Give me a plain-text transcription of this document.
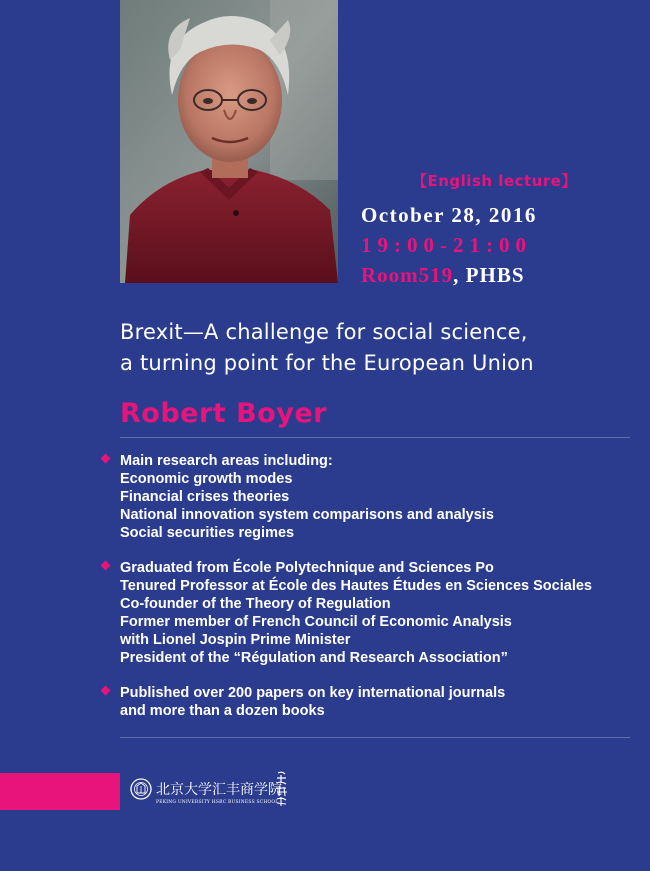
【English lecture】
October 28, 2016
19:00-21:00
Room519, PHBS
Brexit—A challenge for social science,
a turning point for the European Union
Robert Boyer
Main research areas including:
Economic growth modes
Financial crises theories
National innovation system comparisons and analysis
Social securities regimes
Graduated from École Polytechnique and Sciences Po
Tenured Professor at École des Hautes Études en Sciences Sociales
Co-founder of the Theory of Regulation
Former member of French Council of Economic Analysis
with Lionel Jospin Prime Minister
President of the “Régulation and Research Association”
Published over 200 papers on key international journals
and more than a dozen books
北京大学汇丰商学院
PEKING UNIVERSITY HSBC BUSINESS SCHOOL
